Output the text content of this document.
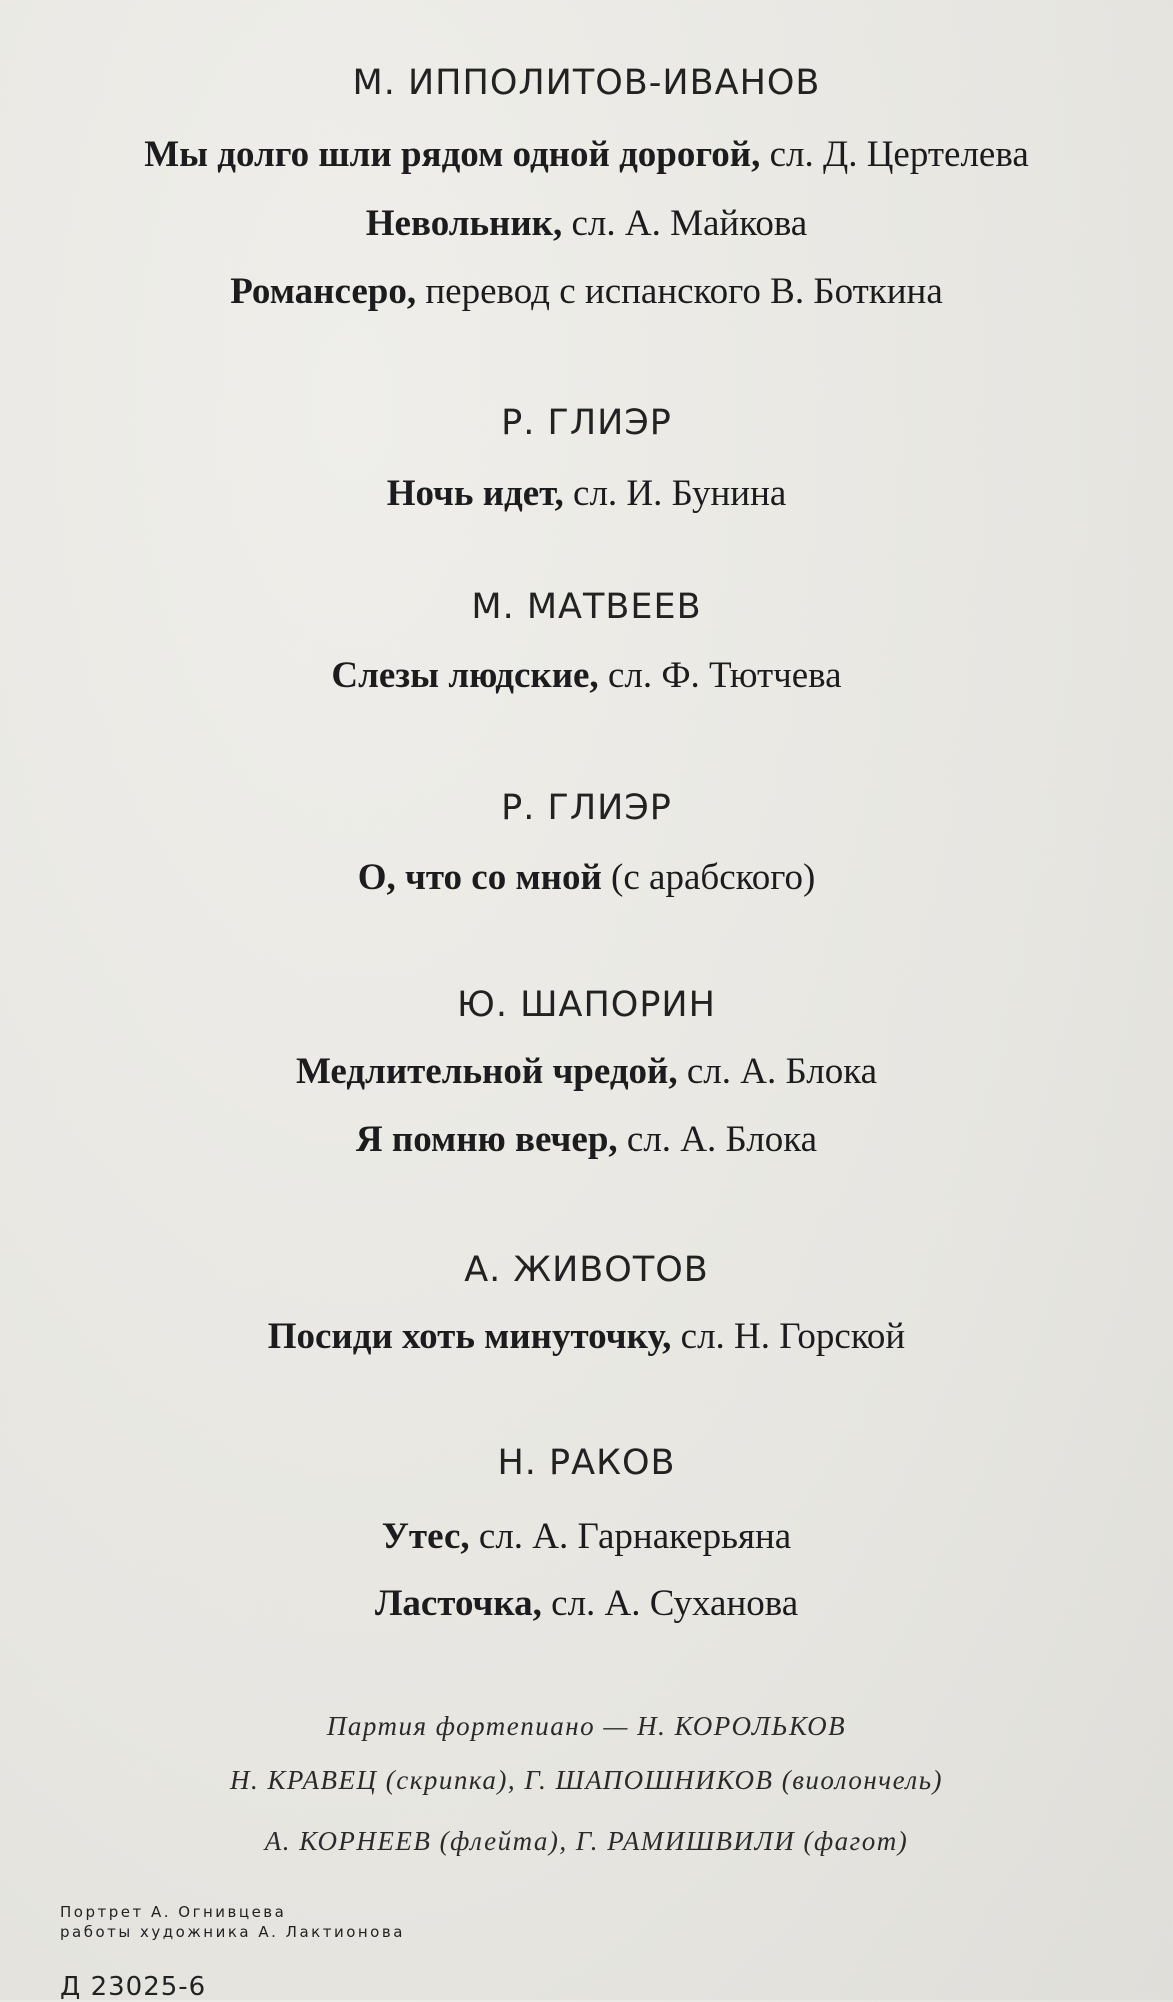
М. ИППОЛИТОВ-ИВАНОВ
Мы долго шли рядом одной дорогой, сл. Д. Цертелева
Невольник, сл. А. Майкова
Романсеро, перевод с испанского В. Боткина
Р. ГЛИЭР
Ночь идет, сл. И. Бунина
М. МАТВЕЕВ
Слезы людские, сл. Ф. Тютчева
Р. ГЛИЭР
О, что со мной (с арабского)
Ю. ШАПОРИН
Медлительной чредой, сл. А. Блока
Я помню вечер, сл. А. Блока
А. ЖИВОТОВ
Посиди хоть минуточку, сл. Н. Горской
Н. РАКОВ
Утес, сл. А. Гарнакерьяна
Ласточка, сл. А. Суханова
Партия фортепиано — Н. КОРОЛЬКОВ
Н. КРАВЕЦ (скрипка), Г. ШАПОШНИКОВ (виолончель)
А. КОРНЕЕВ (флейта), Г. РАМИШВИЛИ (фагот)
Портрет А. Огнивцева
работы художника А. Лактионова
Д 23025-6
